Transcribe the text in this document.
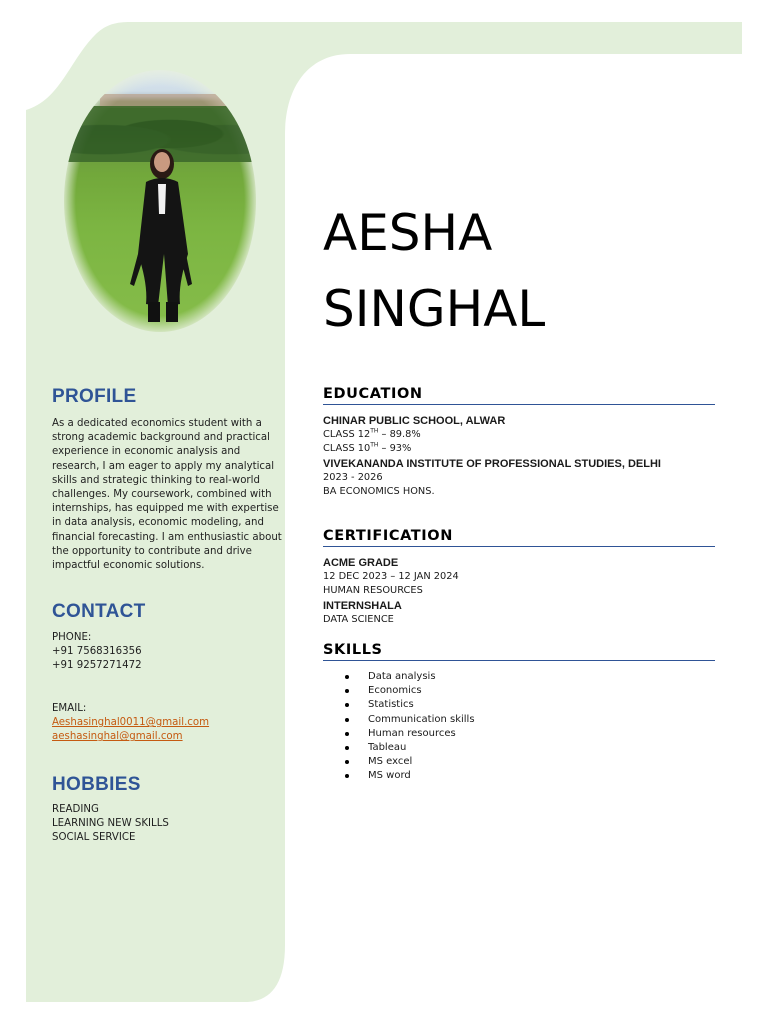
PROFILE
As a dedicated economics student with a
strong academic background and practical
experience in economic analysis and
research, I am eager to apply my analytical
skills and strategic thinking to real-world
challenges. My coursework, combined with
internships, has equipped me with expertise
in data analysis, economic modeling, and
financial forecasting. I am enthusiastic about
the opportunity to contribute and drive
impactful economic solutions.
CONTACT
PHONE:
+91 7568316356
+91 9257271472
EMAIL:
Aeshasinghal0011@gmail.com
aeshasinghal@gmail.com
HOBBIES
READING
LEARNING NEW SKILLS
SOCIAL SERVICE
AESHA
SINGHAL
EDUCATION
CHINAR PUBLIC SCHOOL, ALWAR
CLASS 12TH – 89.8%
CLASS 10TH – 93%
VIVEKANANDA INSTITUTE OF PROFESSIONAL STUDIES, DELHI
2023 - 2026
BA ECONOMICS HONS.
CERTIFICATION
ACME GRADE
12 DEC 2023 – 12 JAN 2024
HUMAN RESOURCES
INTERNSHALA
DATA SCIENCE
SKILLS
Data analysis
Economics
Statistics
Communication skills
Human resources
Tableau
MS excel
MS word
